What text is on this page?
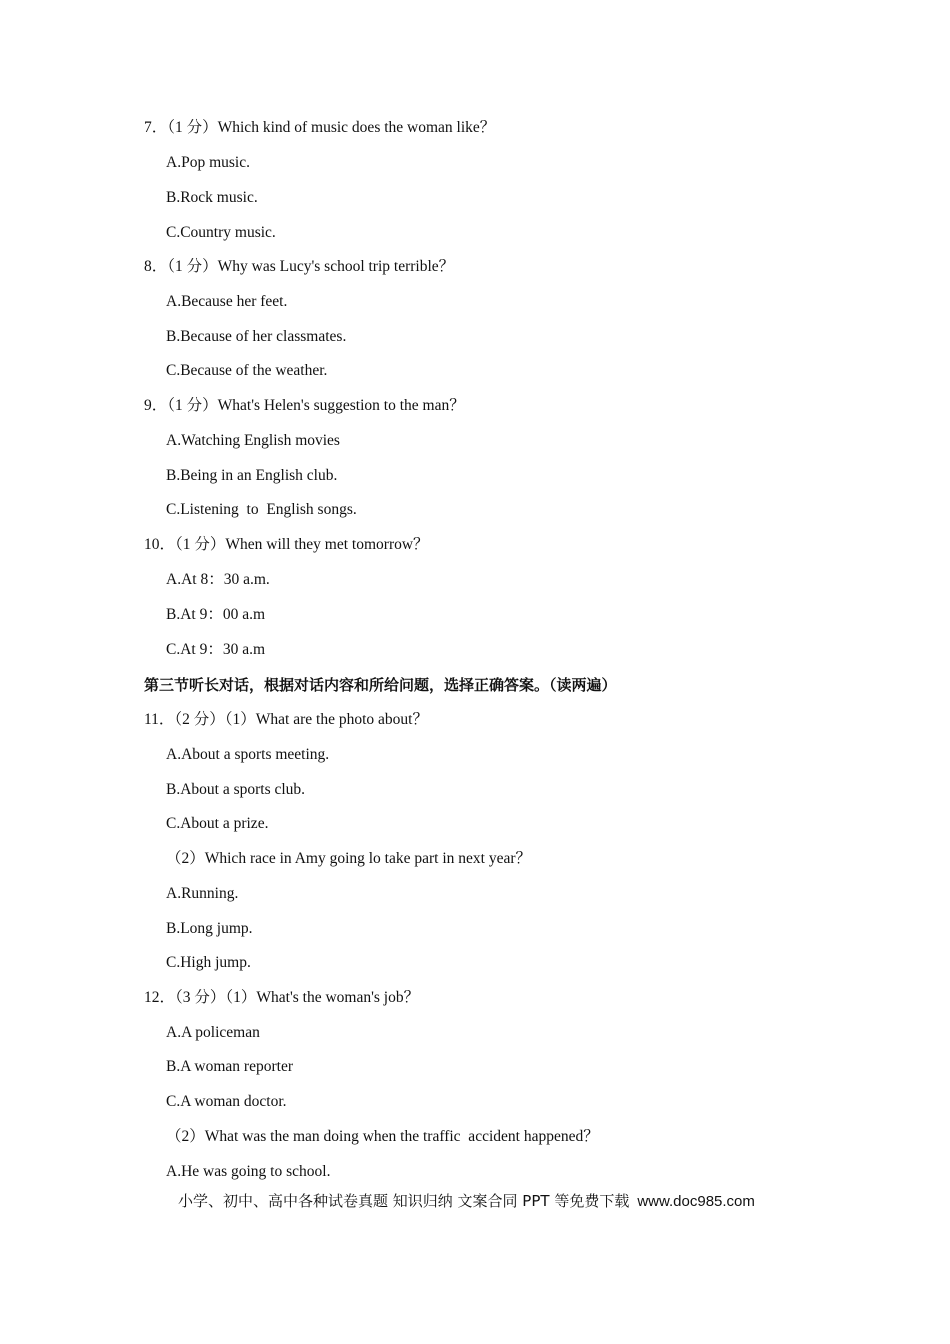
7．（1 分）Which kind of music does the woman like？
A.Pop music.
B.Rock music.
C.Country music.
8．（1 分）Why was Lucy's school trip terrible？
A.Because her feet.
B.Because of her classmates.
C.Because of the weather.
9．（1 分）What's Helen's suggestion to the man？
A.Watching English movies
B.Being in an English club.
C.Listening  to  English songs.
10．（1 分）When will they met tomorrow？
A.At 8：30 a.m.
B.At 9：00 a.m
C.At 9：30 a.m
第三节听长对话，根据对话内容和所给问题，选择正确答案。（读两遍）
11．（2 分）（1）What are the photo about？
A.About a sports meeting.
B.About a sports club.
C.About a prize.
（2）Which race in Amy going lo take part in next year？
A.Running.
B.Long jump.
C.High jump.
12．（3 分）（1）What's the woman's job？
A.A policeman
B.A woman reporter
C.A woman doctor.
（2）What was the man doing when the traffic  accident happened？
A.He was going to school.
小学、初中、高中各种试卷真题 知识归纳 文案合同 PPT 等免费下载 www.doc985.com
